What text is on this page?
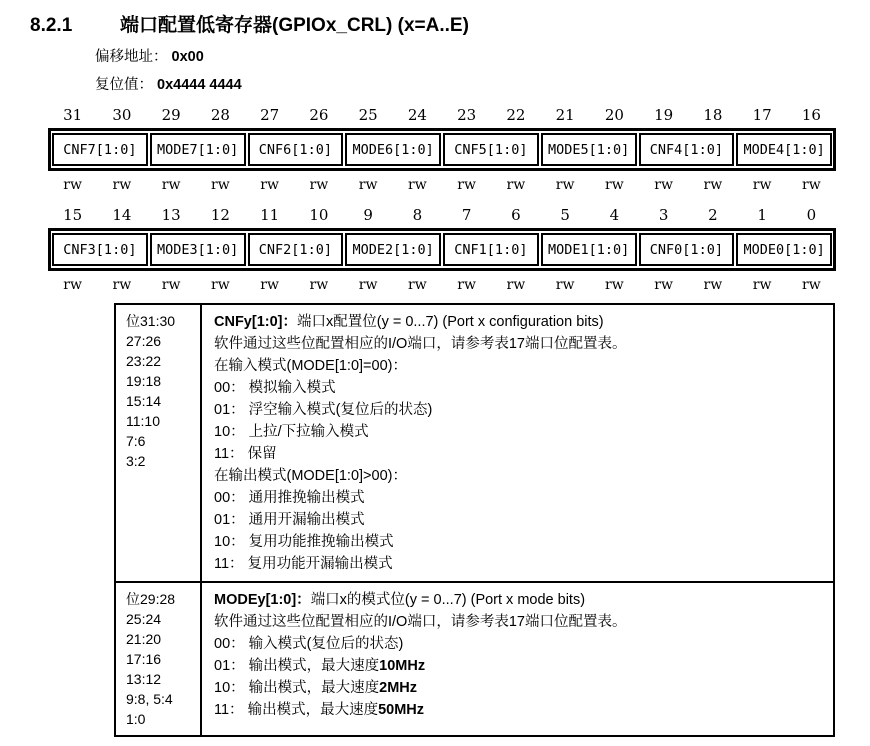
8.2.1	端口配置低寄存器(GPIOx_CRL) (x=A..E)
偏移地址： 0x00
复位值： 0x4444 4444
31	30	29	28	27	26	25	24	23	22	21	20	19	18	17	16
CNF7[1:0]	MODE7[1:0]	CNF6[1:0]	MODE6[1:0]	CNF5[1:0]	MODE5[1:0]	CNF4[1:0]	MODE4[1:0]
rw	rw	rw	rw	rw	rw	rw	rw	rw	rw	rw	rw	rw	rw	rw	rw
15	14	13	12	11	10	9	8	7	6	5	4	3	2	1	0
CNF3[1:0]	MODE3[1:0]	CNF2[1:0]	MODE2[1:0]	CNF1[1:0]	MODE1[1:0]	CNF0[1:0]	MODE0[1:0]
rw	rw	rw	rw	rw	rw	rw	rw	rw	rw	rw	rw	rw	rw	rw	rw
位31:30
27:26
23:22
19:18
15:14
11:10
7:6
3:2
CNFy[1:0]：端口x配置位(y = 0...7) (Port x configuration bits)
软件通过这些位配置相应的I/O端口，请参考表17端口位配置表。
在输入模式(MODE[1:0]=00)：
00： 模拟输入模式
01： 浮空输入模式(复位后的状态)
10： 上拉/下拉输入模式
11： 保留
在输出模式(MODE[1:0]>00)：
00： 通用推挽输出模式
01： 通用开漏输出模式
10： 复用功能推挽输出模式
11： 复用功能开漏输出模式
位29:28
25:24
21:20
17:16
13:12
9:8, 5:4
1:0
MODEy[1:0]：端口x的模式位(y = 0...7) (Port x mode bits)
软件通过这些位配置相应的I/O端口，请参考表17端口位配置表。
00： 输入模式(复位后的状态)
01： 输出模式，最大速度10MHz
10： 输出模式，最大速度2MHz
11： 输出模式，最大速度50MHz
